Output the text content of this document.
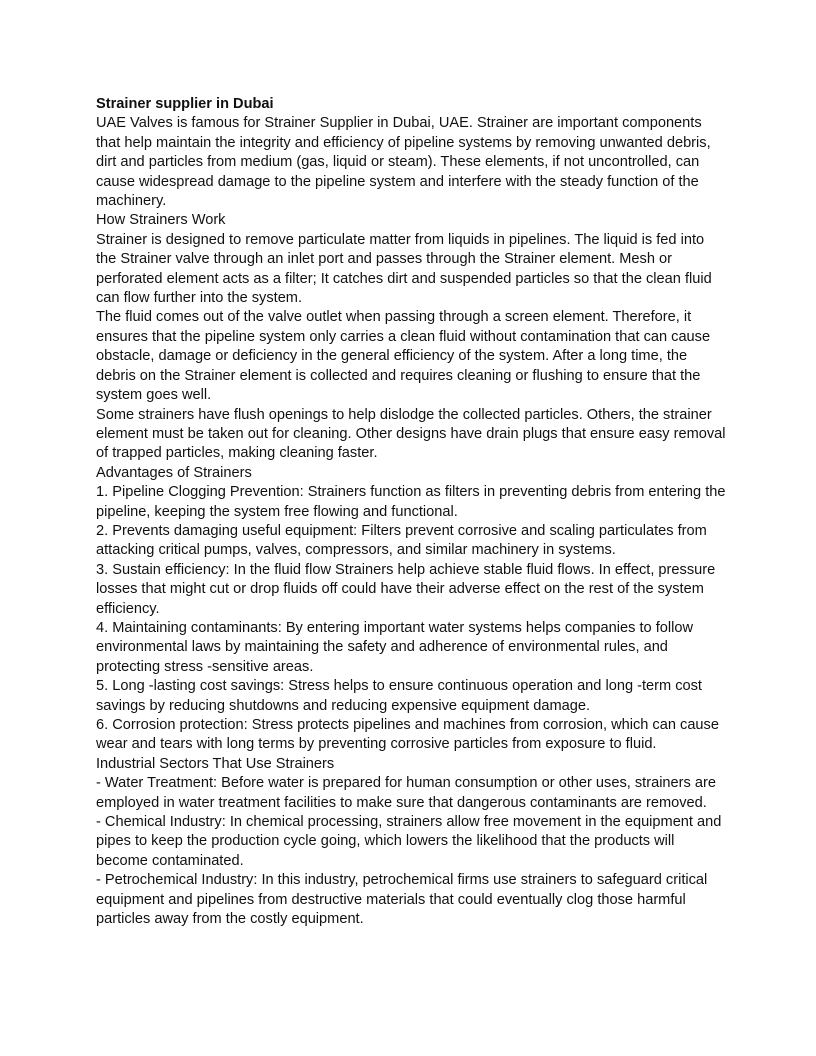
Strainer supplier in Dubai

UAE Valves is famous for Strainer Supplier in Dubai, UAE. Strainer are important components that help maintain the integrity and efficiency of pipeline systems by removing unwanted debris, dirt and particles from medium (gas, liquid or steam). These elements, if not uncontrolled, can cause widespread damage to the pipeline system and interfere with the steady function of the machinery.

How Strainers Work

Strainer is designed to remove particulate matter from liquids in pipelines. The liquid is fed into the Strainer valve through an inlet port and passes through the Strainer element. Mesh or perforated element acts as a filter; It catches dirt and suspended particles so that the clean fluid can flow further into the system.

The fluid comes out of the valve outlet when passing through a screen element. Therefore, it ensures that the pipeline system only carries a clean fluid without contamination that can cause obstacle, damage or deficiency in the general efficiency of the system. After a long time, the debris on the Strainer element is collected and requires cleaning or flushing to ensure that the system goes well.

Some strainers have flush openings to help dislodge the collected particles. Others, the strainer element must be taken out for cleaning. Other designs have drain plugs that ensure easy removal of trapped particles, making cleaning faster.

Advantages of Strainers

1. Pipeline Clogging Prevention: Strainers function as filters in preventing debris from entering the pipeline, keeping the system free flowing and functional.

2. Prevents damaging useful equipment: Filters prevent corrosive and scaling particulates from attacking critical pumps, valves, compressors, and similar machinery in systems.

3. Sustain efficiency: In the fluid flow Strainers help achieve stable fluid flows. In effect, pressure losses that might cut or drop fluids off could have their adverse effect on the rest of the system efficiency.

4. Maintaining contaminants: By entering important water systems helps companies to follow environmental laws by maintaining the safety and adherence of environmental rules, and protecting stress -sensitive areas.

5. Long -lasting cost savings: Stress helps to ensure continuous operation and long -term cost savings by reducing shutdowns and reducing expensive equipment damage.

6. Corrosion protection: Stress protects pipelines and machines from corrosion, which can cause wear and tears with long terms by preventing corrosive particles from exposure to fluid.

Industrial Sectors That Use Strainers

- Water Treatment: Before water is prepared for human consumption or other uses, strainers are employed in water treatment facilities to make sure that dangerous contaminants are removed.

- Chemical Industry: In chemical processing, strainers allow free movement in the equipment and pipes to keep the production cycle going, which lowers the likelihood that the products will become contaminated.

- Petrochemical Industry: In this industry, petrochemical firms use strainers to safeguard critical equipment and pipelines from destructive materials that could eventually clog those harmful particles away from the costly equipment.
